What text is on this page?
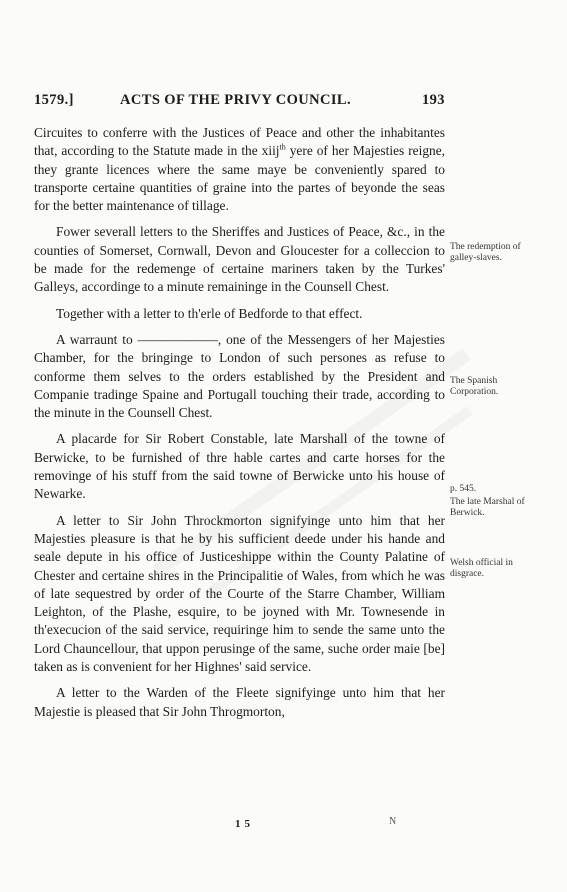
1579.]	ACTS OF THE PRIVY COUNCIL.	193

Circuites to conferre with the Justices of Peace and other the inhabitantes that, according to the Statute made in the xiij$^{th}$ yere of her Majesties reigne, they grante licences where the same maye be conveniently spared to transporte certaine quantities of graine into the partes of beyonde the seas for the better maintenance of tillage.

Fower severall letters to the Sheriffes and Justices of Peace, &c., in the counties of Somerset, Cornwall, Devon and Gloucester for a colleccion to be made for the redemenge of certaine mariners taken by the Turkes' Galleys, accordinge to a minute remaininge in the Counsell Chest.

Together with a letter to th'erle of Bedforde to that effect.

A warraunt to ——————, one of the Messengers of her Majesties Chamber, for the bringinge to London of such persones as refuse to conforme them selves to the orders established by the President and Companie tradinge Spaine and Portugall touching their trade, according to the minute in the Counsell Chest.

A placarde for Sir Robert Constable, late Marshall of the towne of Berwicke, to be furnished of thre hable cartes and carte horses for the removinge of his stuff from the said towne of Berwicke unto his house of Newarke.

A letter to Sir John Throckmorton signifyinge unto him that her Majesties pleasure is that he by his sufficient deede under his hande and seale depute in his office of Justiceshippe within the County Palatine of Chester and certaine shires in the Principalitie of Wales, from which he was of late sequestred by order of the Courte of the Starre Chamber, William Leighton, of the Plashe, esquire, to be joyned with Mr. Townesende in th'execucion of the said service, requiringe him to sende the same unto the Lord Chauncellour, that uppon perusinge of the same, suche order maie [be] taken as is convenient for her Highnes' said service.

A letter to the Warden of the Fleete signifyinge unto him that her Majestie is pleased that Sir John Throgmorton,

The redemption of galley-slaves.
The Spanish Corporation.
p. 545.
The late Marshal of Berwick.
Welsh official in disgrace.
15	N
